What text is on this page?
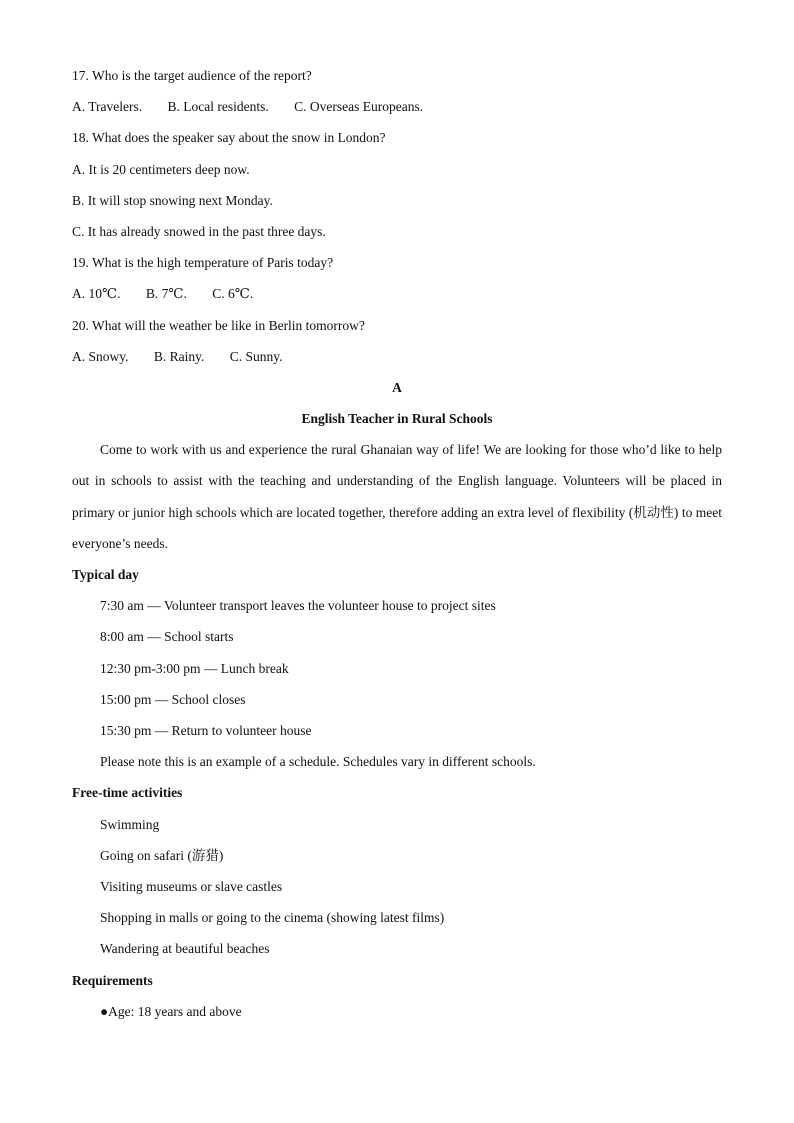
17. Who is the target audience of the report?
A. Travelers. B. Local residents. C. Overseas Europeans.
18. What does the speaker say about the snow in London?
A. It is 20 centimeters deep now.
B. It will stop snowing next Monday.
C. It has already snowed in the past three days.
19. What is the high temperature of Paris today?
A. 10℃. B. 7℃. C. 6℃.
20. What will the weather be like in Berlin tomorrow?
A. Snowy. B. Rainy. C. Sunny.
A
English Teacher in Rural Schools

Come to work with us and experience the rural Ghanaian way of life! We are looking for those who’d like to help out in schools to assist with the teaching and understanding of the English language. Volunteers will be placed in primary or junior high schools which are located together, therefore adding an extra level of flexibility (机动性) to meet everyone’s needs.

Typical day
7:30 am — Volunteer transport leaves the volunteer house to project sites
8:00 am — School starts
12:30 pm-3:00 pm — Lunch break
15:00 pm — School closes
15:30 pm — Return to volunteer house
Please note this is an example of a schedule. Schedules vary in different schools.
Free-time activities
Swimming
Going on safari (游猎)
Visiting museums or slave castles
Shopping in malls or going to the cinema (showing latest films)
Wandering at beautiful beaches
Requirements
●Age: 18 years and above
